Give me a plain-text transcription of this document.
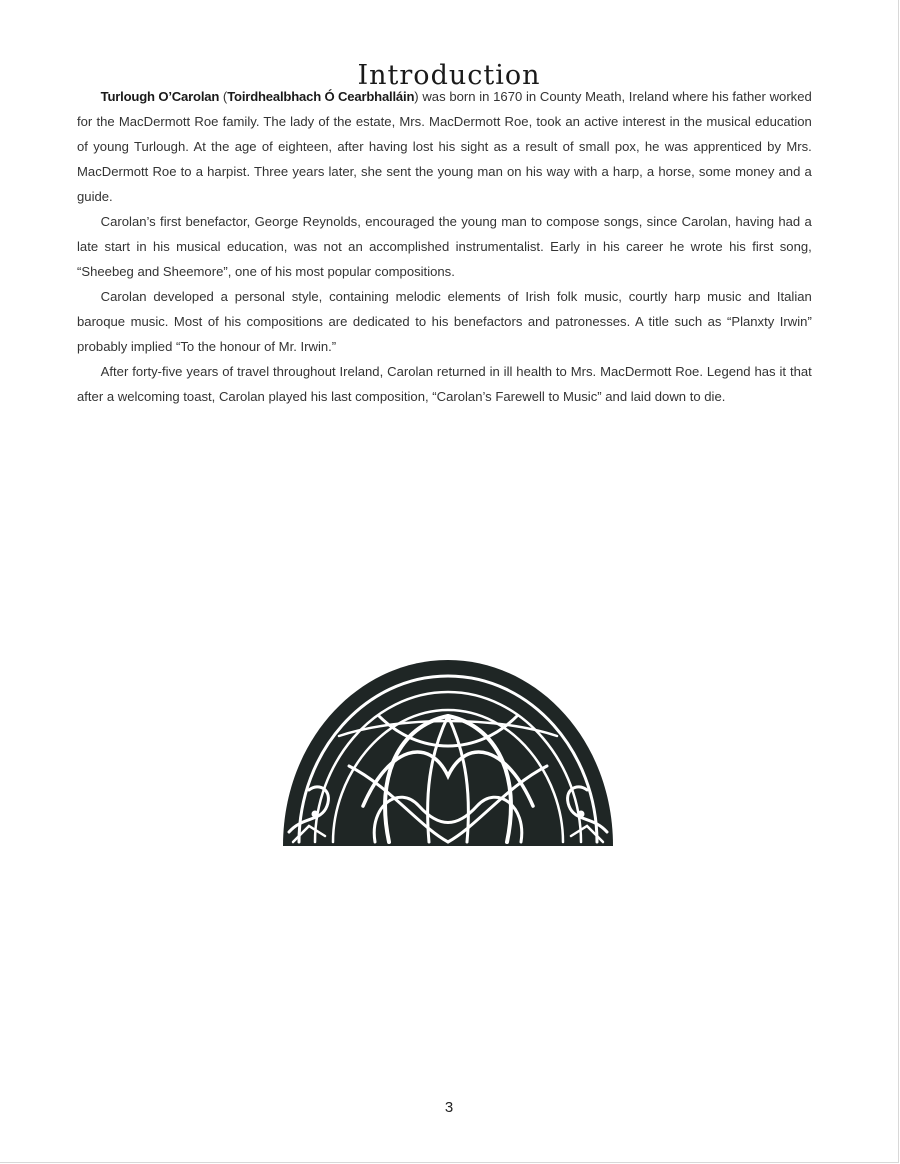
Introduction

Turlough O’Carolan (Toirdhealbhach Ó Cearbhalláin) was born in 1670 in County Meath, Ireland where his father worked for the MacDermott Roe family. The lady of the estate, Mrs. MacDermott Roe, took an active interest in the musical education of young Turlough. At the age of eighteen, after having lost his sight as a result of small pox, he was apprenticed by Mrs. MacDermott Roe to a harpist. Three years later, she sent the young man on his way with a harp, a horse, some money and a guide.

Carolan’s first benefactor, George Reynolds, encouraged the young man to compose songs, since Carolan, having had a late start in his musical education, was not an accomplished instrumentalist. Early in his career he wrote his first song, “Sheebeg and Sheemore”, one of his most popular compositions.

Carolan developed a personal style, containing melodic elements of Irish folk music, courtly harp music and Italian baroque music. Most of his compositions are dedicated to his benefactors and patronesses. A title such as “Planxty Irwin” probably implied “To the honour of Mr. Irwin.”

After forty-five years of travel throughout Ireland, Carolan returned in ill health to Mrs. MacDermott Roe. Legend has it that after a welcoming toast, Carolan played his last composition, “Carolan’s Farewell to Music” and laid down to die.

3
